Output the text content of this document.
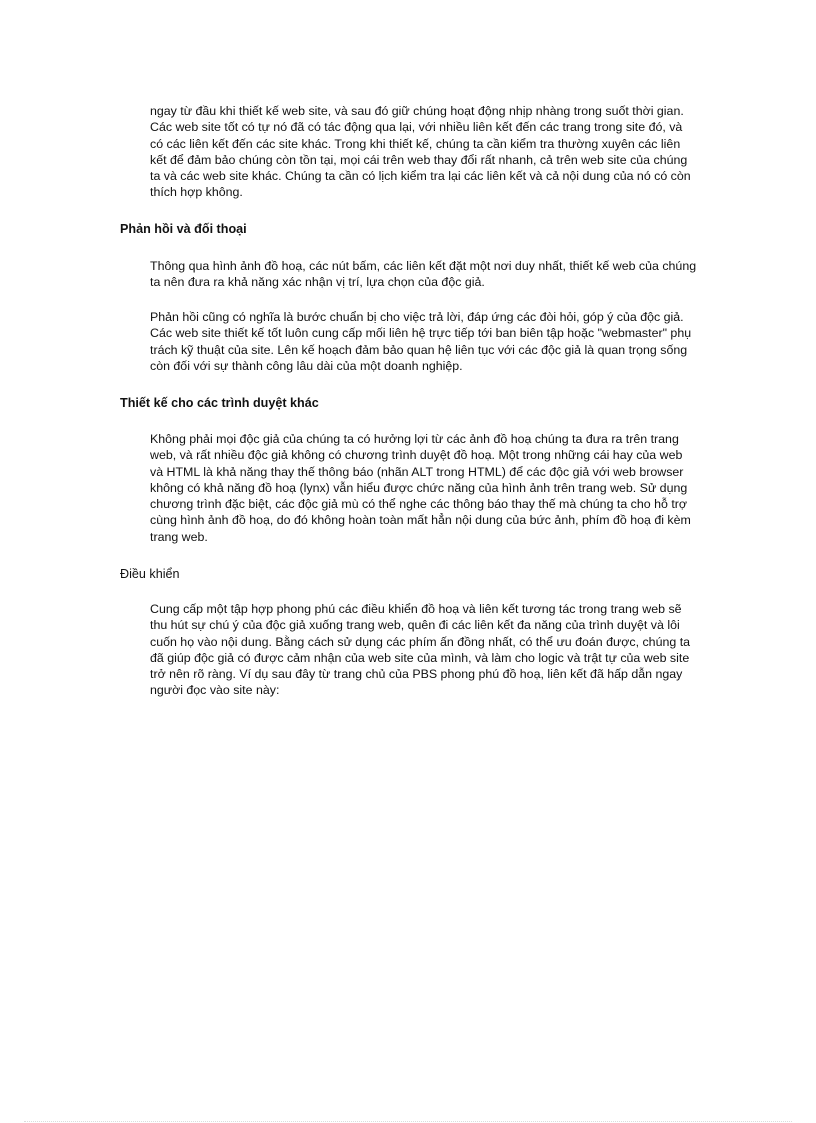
ngay từ đầu khi thiết kế web site, và sau đó giữ chúng hoạt động nhịp nhàng trong suốt thời gian. Các web site tốt có tự nó đã có tác động qua lại, với nhiều liên kết đến các trang trong site đó, và có các liên kết đến các site khác. Trong khi thiết kế, chúng ta cần kiểm tra thường xuyên các liên kết để đảm bảo chúng còn tồn tại, mọi cái trên web thay đổi rất nhanh, cả trên web site của chúng ta và các web site khác. Chúng ta cần có lịch kiểm tra lại các liên kết và cả nội dung của nó có còn thích hợp không.

Phản hồi và đối thoại

Thông qua hình ảnh đồ hoạ, các nút bấm, các liên kết đặt một nơi duy nhất, thiết kế web của chúng ta nên đưa ra khả năng xác nhận vị trí, lựa chọn của độc giả.

Phản hồi cũng có nghĩa là bước chuẩn bị cho việc trả lời, đáp ứng các đòi hỏi, góp ý của độc giả. Các web site thiết kế tốt luôn cung cấp mối liên hệ trực tiếp tới ban biên tập hoặc "webmaster" phụ trách kỹ thuật của site. Lên kế hoạch đảm bảo quan hệ liên tục với các độc giả là quan trọng sống còn đối với sự thành công lâu dài của một doanh nghiệp.

Thiết kế cho các trình duyệt khác

Không phải mọi độc giả của chúng ta có hưởng lợi từ các ảnh đồ hoạ chúng ta đưa ra trên trang web, và rất nhiều độc giả không có chương trình duyệt đồ hoạ. Một trong những cái hay của web và HTML là khả năng thay thế thông báo (nhãn ALT trong HTML) để các độc giả với web browser không có khả năng đồ hoạ (lynx) vẫn hiểu được chức năng của hình ảnh trên trang web. Sử dụng chương trình đặc biệt, các độc giả mù có thể nghe các thông báo thay thế mà chúng ta cho hỗ trợ cùng hình ảnh đồ hoạ, do đó không hoàn toàn mất hẳn nội dung của bức ảnh, phím đồ hoạ đi kèm trang web.

Điều khiển

Cung cấp một tập hợp phong phú các điều khiển đồ hoạ và liên kết tương tác trong trang web sẽ thu hút sự chú ý của độc giả xuống trang web, quên đi các liên kết đa năng của trình duyệt và lôi cuốn họ vào nội dung. Bằng cách sử dụng các phím ấn đồng nhất, có thể ưu đoán được, chúng ta đã giúp độc giả có được cảm nhận của web site của mình, và làm cho logic và trật tự của web site trở nên rõ ràng. Ví dụ sau đây từ trang chủ của PBS phong phú đồ hoạ, liên kết đã hấp dẫn ngay người đọc vào site này:
